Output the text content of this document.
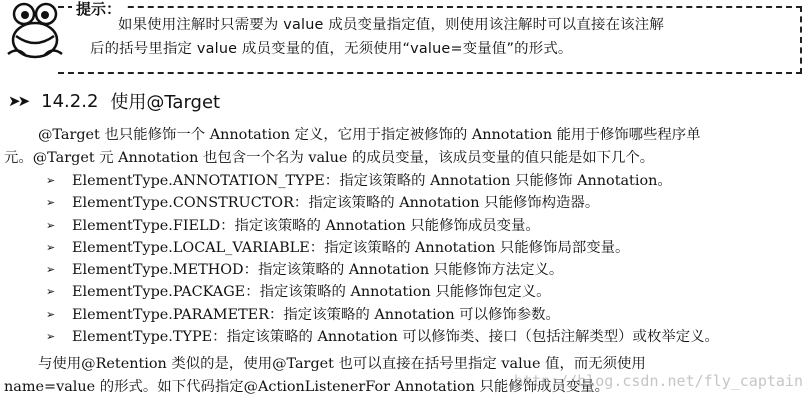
提示：
如果使用注解时只需要为 value 成员变量指定值，则使用该注解时可以直接在该注解
后的括号里指定 value 成员变量的值，无须使用“value=变量值”的形式。
➤➤ 14.2.2 使用@Target
@Target 也只能修饰一个 Annotation 定义，它用于指定被修饰的 Annotation 能用于修饰哪些程序单
元。@Target 元 Annotation 也包含一个名为 value 的成员变量，该成员变量的值只能是如下几个。
➢	ElementType.ANNOTATION_TYPE：指定该策略的 Annotation 只能修饰 Annotation。
➢	ElementType.CONSTRUCTOR：指定该策略的 Annotation 只能修饰构造器。
➢	ElementType.FIELD：指定该策略的 Annotation 只能修饰成员变量。
➢	ElementType.LOCAL_VARIABLE：指定该策略的 Annotation 只能修饰局部变量。
➢	ElementType.METHOD：指定该策略的 Annotation 只能修饰方法定义。
➢	ElementType.PACKAGE：指定该策略的 Annotation 只能修饰包定义。
➢	ElementType.PARAMETER：指定该策略的 Annotation 可以修饰参数。
➢	ElementType.TYPE：指定该策略的 Annotation 可以修饰类、接口（包括注解类型）或枚举定义。
与使用@Retention 类似的是，使用@Target 也可以直接在括号里指定 value 值，而无须使用
name=value 的形式。如下代码指定@ActionListenerFor Annotation 只能修饰成员变量。
http://blog.csdn.net/fly_captain
